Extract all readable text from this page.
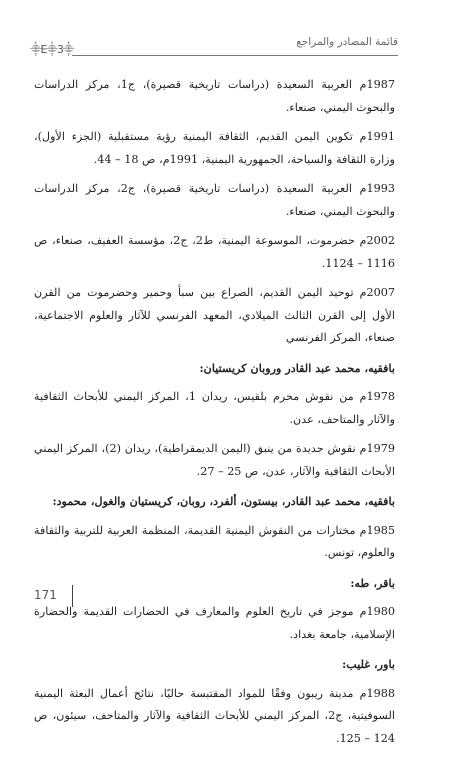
قائمة المصادر والمراجع
⸎3⸎E⸎

1987م العربية السعيدة (دراسات تاريخية قصيرة)، ج1، مركز الدراسات والبحوث اليمني، صنعاء.

1991م تكوين اليمن القديم، الثقافة اليمنية رؤية مستقبلية (الجزء الأول)، وزارة الثقافة والسياحة، الجمهورية اليمنية، 1991م، ص 18 – 44.

1993م العربية السعيدة (دراسات تاريخية قصيرة)، ج2، مركز الدراسات والبحوث اليمني، صنعاء.

2002م حضرموت، الموسوعة اليمنية، ط2، ج2، مؤسسة العفيف، صنعاء، ص 1116 – 1124.

2007م توحيد اليمن القديم، الصراع بين سبأ وحمير وحضرموت من القرن الأول إلى القرن الثالث الميلادي، المعهد الفرنسي للآثار والعلوم الاجتماعية، صنعاء، المركز الفرنسي

بافقيه، محمد عبد القادر وروبان كريستيان:

1978م من نقوش محرم بلقيس، ريدان 1، المركز اليمني للأبحاث الثقافية والآثار والمتاحف، عدن.

1979م نقوش جديدة من ينبق (اليمن الديمقراطية)، ريدان (2)، المركز اليمني الأبحاث الثقافية والآثار، عدن، ص 25 – 27.

بافقيه، محمد عبد القادر، بيستون، ألفرد، روبان، كريستيان والغول، محمود:

1985م مختارات من النقوش اليمنية القديمة، المنظمة العربية للتربية والثقافة والعلوم، تونس.

باقر، طه:

1980م موجز في تاريخ العلوم والمعارف في الحضارات القديمة والحضارة الإسلامية، جامعة بغداد.

باور، غليب:

1988م مدينة ريبون وفقًا للمواد المقتبسة حاليًا، نتائج أعمال البعثة اليمنية السوفيتية، ج2، المركز اليمني للأبحاث الثقافية والآثار والمتاحف، سيئون، ص 124 – 125.

171
